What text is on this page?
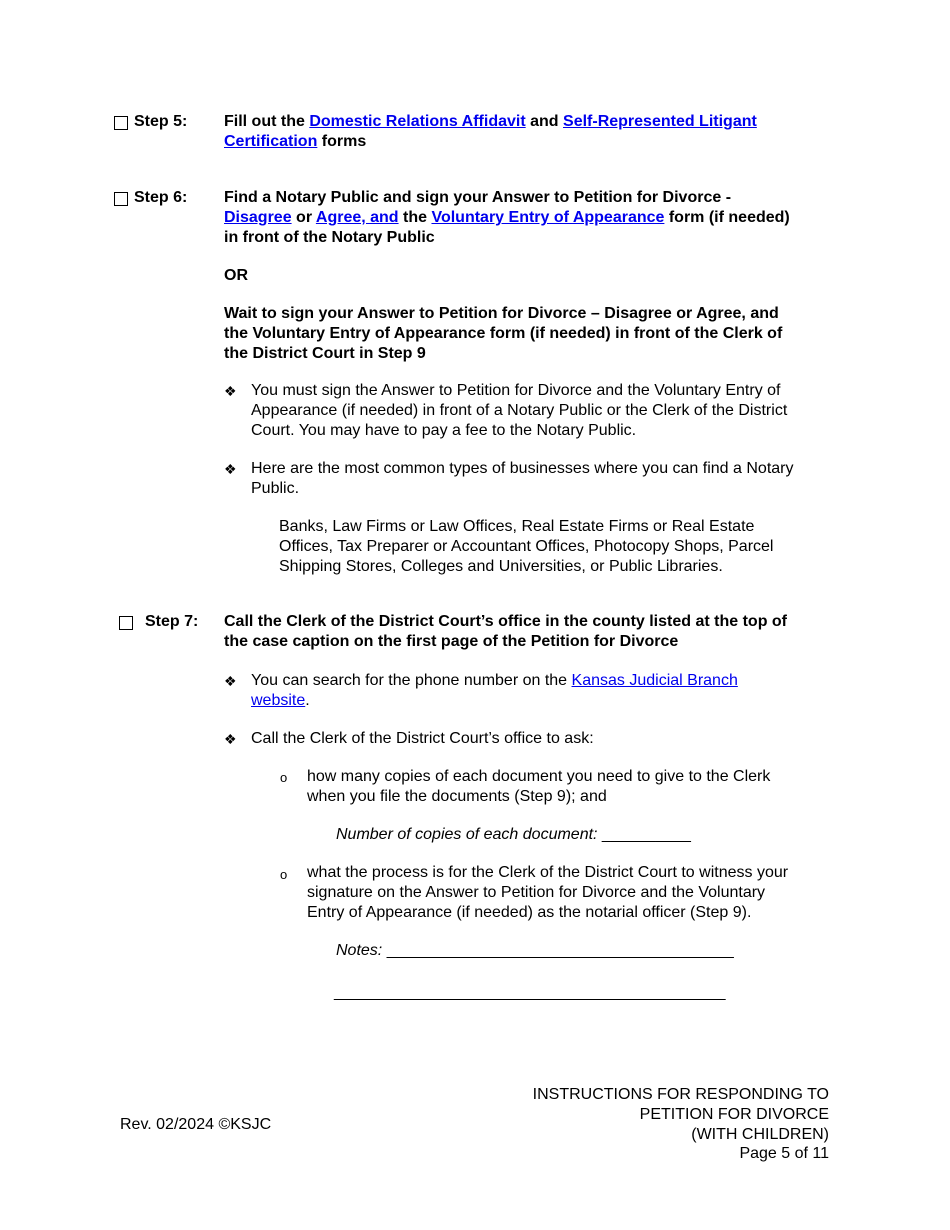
Step 5: Fill out the Domestic Relations Affidavit and Self-Represented Litigant
Certification forms
Step 6: Find a Notary Public and sign your Answer to Petition for Divorce -
Disagree or Agree, and the Voluntary Entry of Appearance form (if needed)
in front of the Notary Public
OR
Wait to sign your Answer to Petition for Divorce – Disagree or Agree, and
the Voluntary Entry of Appearance form (if needed) in front of the Clerk of
the District Court in Step 9
❖ You must sign the Answer to Petition for Divorce and the Voluntary Entry of
Appearance (if needed) in front of a Notary Public or the Clerk of the District
Court. You may have to pay a fee to the Notary Public.
❖ Here are the most common types of businesses where you can find a Notary
Public.
Banks, Law Firms or Law Offices, Real Estate Firms or Real Estate
Offices, Tax Preparer or Accountant Offices, Photocopy Shops, Parcel
Shipping Stores, Colleges and Universities, or Public Libraries.
Step 7: Call the Clerk of the District Court’s office in the county listed at the top of
the case caption on the first page of the Petition for Divorce
❖ You can search for the phone number on the Kansas Judicial Branch
website.
❖ Call the Clerk of the District Court’s office to ask:
o how many copies of each document you need to give to the Clerk
when you file the documents (Step 9); and
Number of copies of each document: __________
o what the process is for the Clerk of the District Court to witness your
signature on the Answer to Petition for Divorce and the Voluntary
Entry of Appearance (if needed) as the notarial officer (Step 9).
Notes: _______________________________________
____________________________________________
Rev. 02/2024 ©KSJC
INSTRUCTIONS FOR RESPONDING TO
PETITION FOR DIVORCE
(WITH CHILDREN)
Page 5 of 11
